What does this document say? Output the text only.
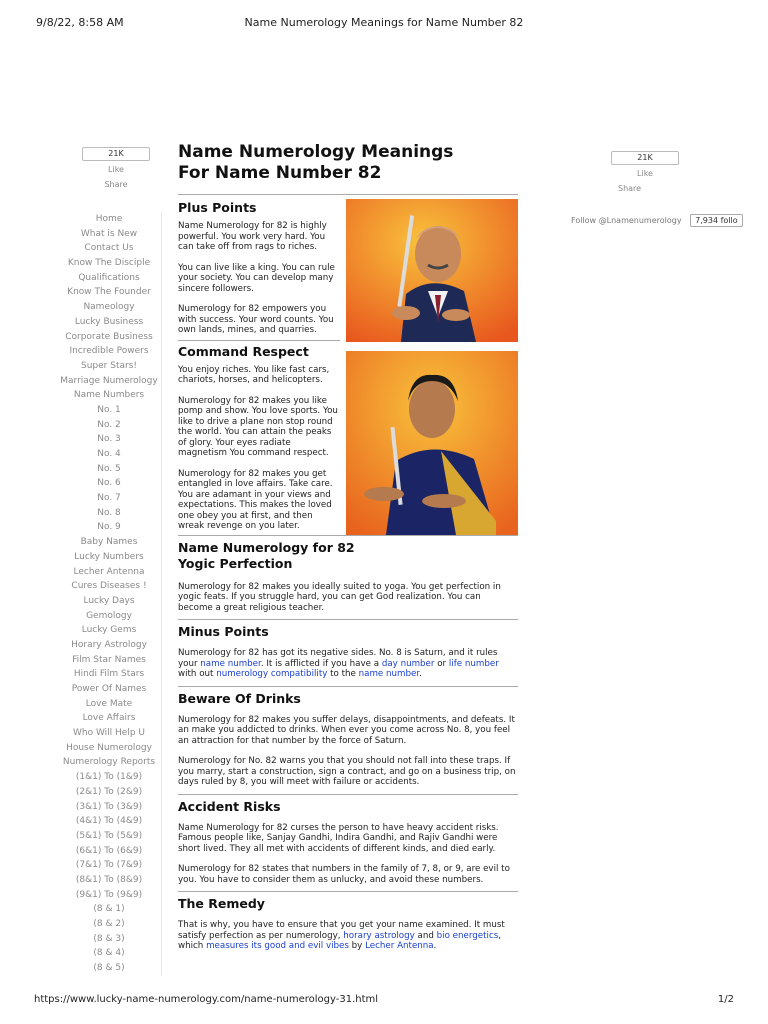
9/8/22, 8:58 AM	Name Numerology Meanings for Name Number 82
21K
Like
Share
21K
Like
Share
Follow @Lnamenumerology 7,934 follo
Home
What is New
Contact Us
Know The Disciple
Qualifications
Know The Founder
Nameology
Lucky Business
Corporate Business
Incredible Powers
Super Stars!
Marriage Numerology
Name Numbers
No. 1
No. 2
No. 3
No. 4
No. 5
No. 6
No. 7
No. 8
No. 9
Baby Names
Lucky Numbers
Lecher Antenna
Cures Diseases !
Lucky Days
Gemology
Lucky Gems
Horary Astrology
Film Star Names
Hindi Film Stars
Power Of Names
Love Mate
Love Affairs
Who Will Help U
House Numerology
Numerology Reports
(1&1) To (1&9)
(2&1) To (2&9)
(3&1) To (3&9)
(4&1) To (4&9)
(5&1) To (5&9)
(6&1) To (6&9)
(7&1) To (7&9)
(8&1) To (8&9)
(9&1) To (9&9)
(8 & 1)
(8 & 2)
(8 & 3)
(8 & 4)
(8 & 5)
Name Numerology Meanings
For Name Number 82
Plus Points

Name Numerology for 82 is highly powerful. You work very hard. You can take off from rags to riches.

You can live like a king. You can rule your society. You can develop many sincere followers.

Numerology for 82 empowers you with success. Your word counts. You own lands, mines, and quarries.

Command Respect

You enjoy riches. You like fast cars, chariots, horses, and helicopters.

Numerology for 82 makes you like pomp and show. You love sports. You like to drive a plane non stop round the world. You can attain the peaks of glory. Your eyes radiate magnetism You command respect.

Numerology for 82 makes you get entangled in love affairs. Take care. You are adamant in your views and expectations. This makes the loved one obey you at first, and then wreak revenge on you later.

Name Numerology for 82
Yogic Perfection

Numerology for 82 makes you ideally suited to yoga. You get perfection in yogic feats. If you struggle hard, you can get God realization. You can become a great religious teacher.

Minus Points

Numerology for 82 has got its negative sides. No. 8 is Saturn, and it rules your name number. It is afflicted if you have a day number or life number with out numerology compatibility to the name number.

Beware Of Drinks

Numerology for 82 makes you suffer delays, disappointments, and defeats. It an make you addicted to drinks. When ever you come across No. 8, you feel an attraction for that number by the force of Saturn.

Numerology for No. 82 warns you that you should not fall into these traps. If you marry, start a construction, sign a contract, and go on a business trip, on days ruled by 8, you will meet with failure or accidents.

Accident Risks

Name Numerology for 82 curses the person to have heavy accident risks. Famous people like, Sanjay Gandhi, Indira Gandhi, and Rajiv Gandhi were short lived. They all met with accidents of different kinds, and died early.

Numerology for 82 states that numbers in the family of 7, 8, or 9, are evil to you. You have to consider them as unlucky, and avoid these numbers.

The Remedy

That is why, you have to ensure that you get your name examined. It must satisfy perfection as per numerology, horary astrology and bio energetics, which measures its good and evil vibes by Lecher Antenna.

https://www.lucky-name-numerology.com/name-numerology-31.html	1/2
